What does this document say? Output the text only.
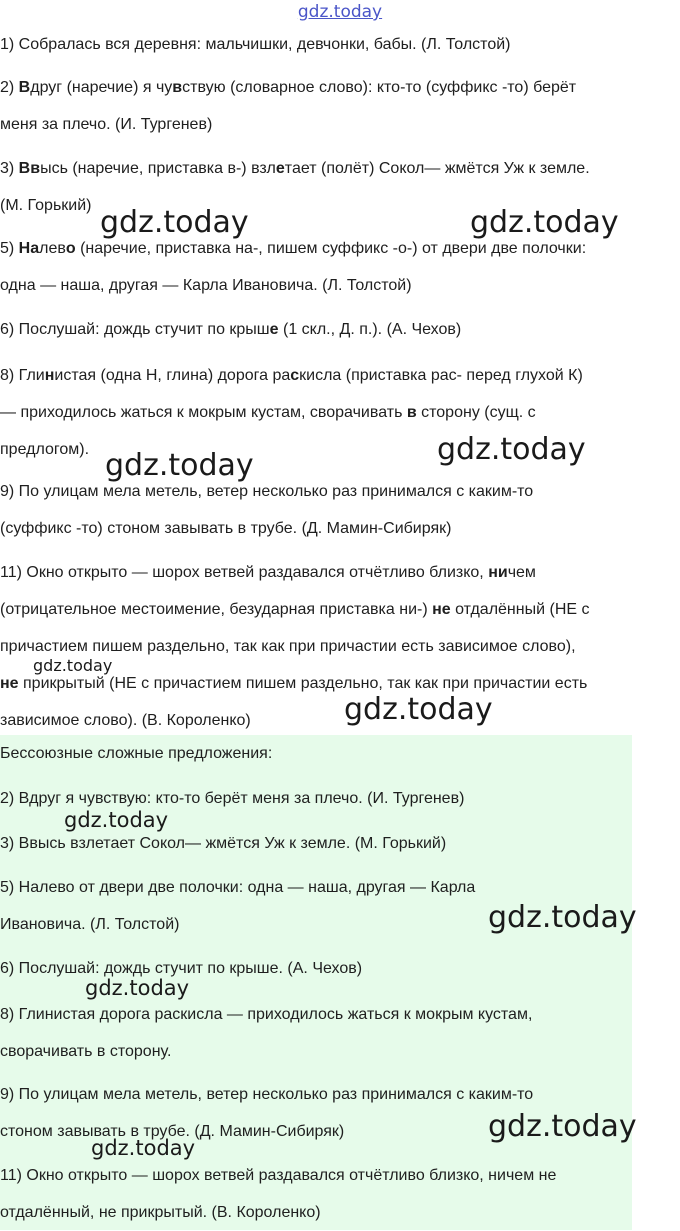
gdz.today

1) Собралась вся деревня: мальчишки, девчонки, бабы. (Л. Толстой)

2) Вдруг (наречие) я чувствую (словарное слово): кто-то (суффикс -то) берёт
меня за плечо. (И. Тургенев)

3) Ввысь (наречие, приставка в-) взлетает (полёт) Сокол— жмётся Уж к земле.
(М. Горький)

5) Налево (наречие, приставка на-, пишем суффикс -о-) от двери две полочки:
одна — наша, другая — Карла Ивановича. (Л. Толстой)

6) Послушай: дождь стучит по крыше (1 скл., Д. п.). (А. Чехов)

8) Глинистая (одна Н, глина) дорога раскисла (приставка рас- перед глухой К)
— приходилось жаться к мокрым кустам, сворачивать в сторону (сущ. с
предлогом).

9) По улицам мела метель, ветер несколько раз принимался с каким-то
(суффикс -то) стоном завывать в трубе. (Д. Мамин-Сибиряк)

11) Окно открыто — шорох ветвей раздавался отчётливо близко, ничем
(отрицательное местоимение, безударная приставка ни-) не отдалённый (НЕ с
причастием пишем раздельно, так как при причастии есть зависимое слово),
не прикрытый (НЕ с причастием пишем раздельно, так как при причастии есть
зависимое слово). (В. Короленко)

Бессоюзные сложные предложения:

2) Вдруг я чувствую: кто-то берёт меня за плечо. (И. Тургенев)

3) Ввысь взлетает Сокол— жмётся Уж к земле. (М. Горький)

5) Налево от двери две полочки: одна — наша, другая — Карла
Ивановича. (Л. Толстой)

6) Послушай: дождь стучит по крыше. (А. Чехов)

8) Глинистая дорога раскисла — приходилось жаться к мокрым кустам,
сворачивать в сторону.

9) По улицам мела метель, ветер несколько раз принимался с каким-то
стоном завывать в трубе. (Д. Мамин-Сибиряк)

11) Окно открыто — шорох ветвей раздавался отчётливо близко, ничем не
отдалённый, не прикрытый. (В. Короленко)

gdz.today	gdz.today
gdz.today	gdz.today
gdz.today
gdz.today
gdz.today
gdz.today
gdz.today
gdz.today
gdz.today
